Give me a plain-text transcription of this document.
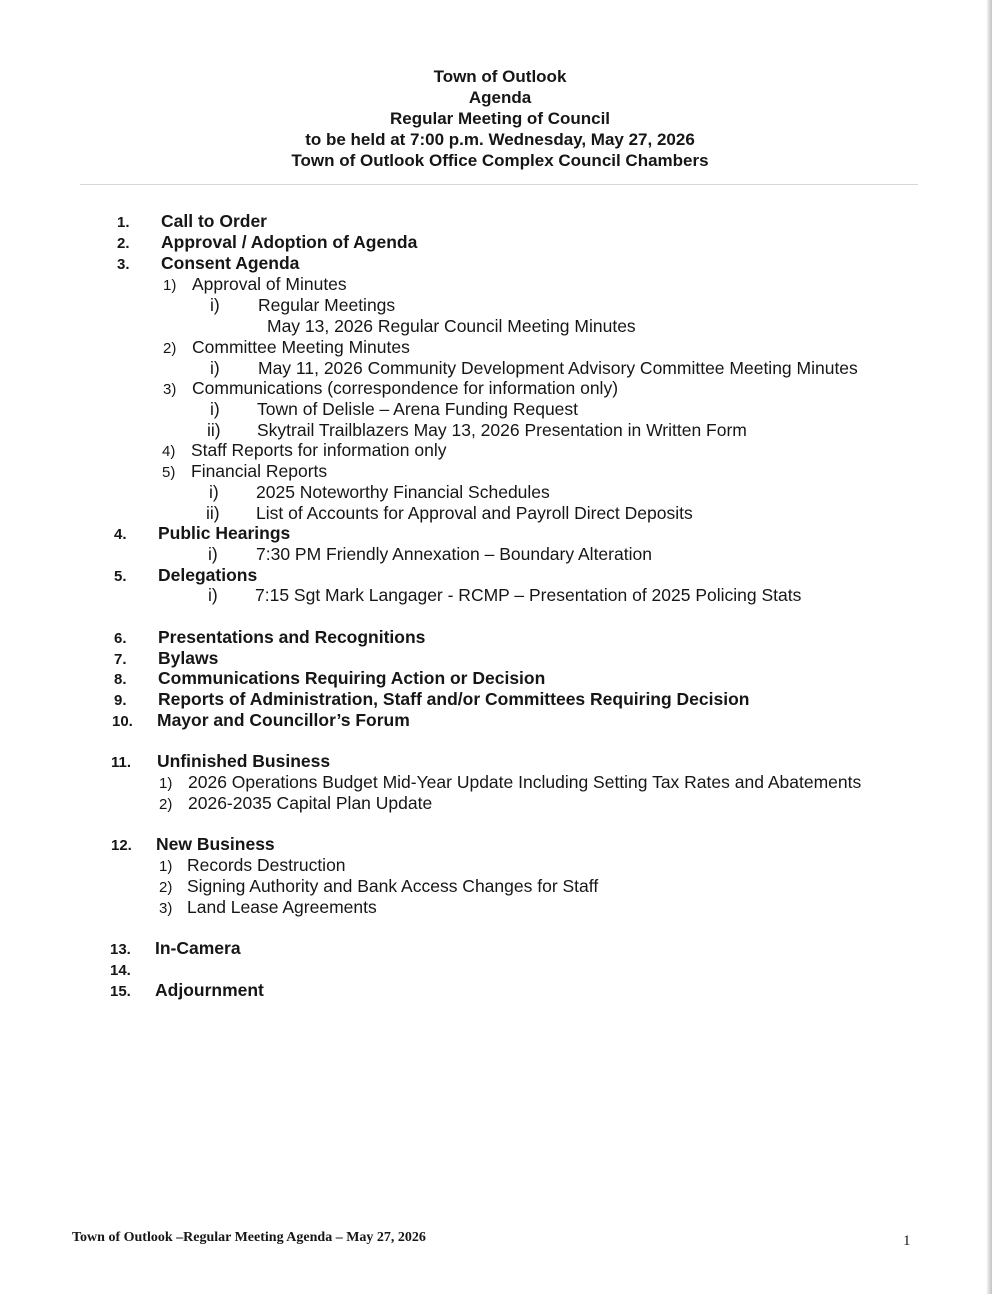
Town of Outlook
Agenda
Regular Meeting of Council
to be held at 7:00 p.m. Wednesday, May 27, 2026
Town of Outlook Office Complex Council Chambers
1. Call to Order
2. Approval / Adoption of Agenda
3. Consent Agenda
1) Approval of Minutes
i) Regular Meetings
May 13, 2026 Regular Council Meeting Minutes
2) Committee Meeting Minutes
i) May 11, 2026 Community Development Advisory Committee Meeting Minutes
3) Communications (correspondence for information only)
i) Town of Delisle – Arena Funding Request
ii) Skytrail Trailblazers May 13, 2026 Presentation in Written Form
4) Staff Reports for information only
5) Financial Reports
i) 2025 Noteworthy Financial Schedules
ii) List of Accounts for Approval and Payroll Direct Deposits
4. Public Hearings
i) 7:30 PM Friendly Annexation – Boundary Alteration
5. Delegations
i) 7:15 Sgt Mark Langager - RCMP – Presentation of 2025 Policing Stats
6. Presentations and Recognitions
7. Bylaws
8. Communications Requiring Action or Decision
9. Reports of Administration, Staff and/or Committees Requiring Decision
10. Mayor and Councillor’s Forum
11. Unfinished Business
1) 2026 Operations Budget Mid-Year Update Including Setting Tax Rates and Abatements
2) 2026-2035 Capital Plan Update
12. New Business
1) Records Destruction
2) Signing Authority and Bank Access Changes for Staff
3) Land Lease Agreements
13. In-Camera
14.
15. Adjournment
Town of Outlook –Regular Meeting Agenda – May 27, 2026	1
